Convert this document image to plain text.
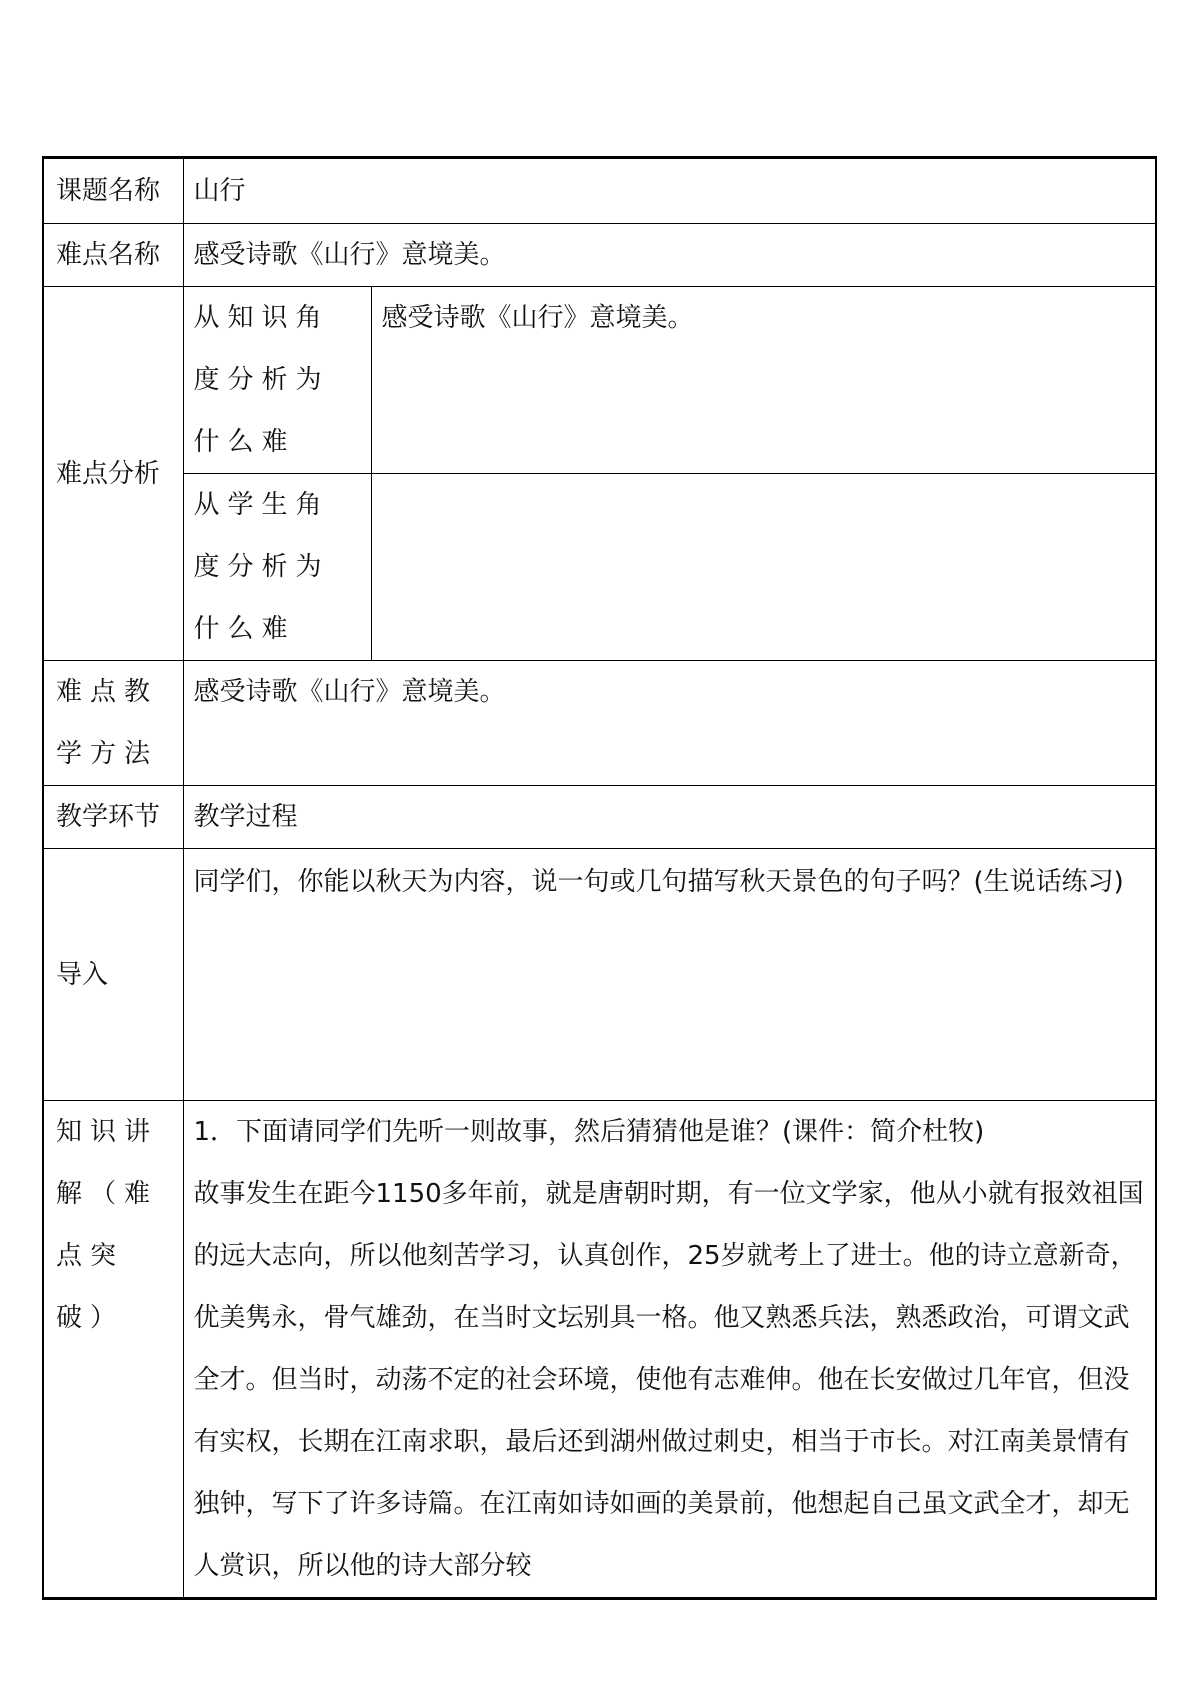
课题名称	山行	
难点名称	感受诗歌《山行》意境美。	
难点分析	从知识角度分析为什么难	感受诗歌《山行》意境美。
	从学生角度分析为什么难	
难点教学方法	感受诗歌《山行》意境美。	
教学环节	教学过程	
导入	同学们，你能以秋天为内容，说一句或几句描写秋天景色的句子吗？(生说话练习)	
知识讲解（难点突破）	1．下面请同学们先听一则故事，然后猜猜他是谁？(课件：简介杜牧)
故事发生在距今1150多年前，就是唐朝时期，有一位文学家，他从小就有报效祖国的远大志向，所以他刻苦学习，认真创作，25岁就考上了进士。他的诗立意新奇，优美隽永，骨气雄劲，在当时文坛别具一格。他又熟悉兵法，熟悉政治，可谓文武全才。但当时，动荡不定的社会环境，使他有志难伸。他在长安做过几年官，但没有实权，长期在江南求职，最后还到湖州做过刺史，相当于市长。对江南美景情有独钟，写下了许多诗篇。在江南如诗如画的美景前，他想起自己虽文武全才，却无人赏识，所以他的诗大部分较	
